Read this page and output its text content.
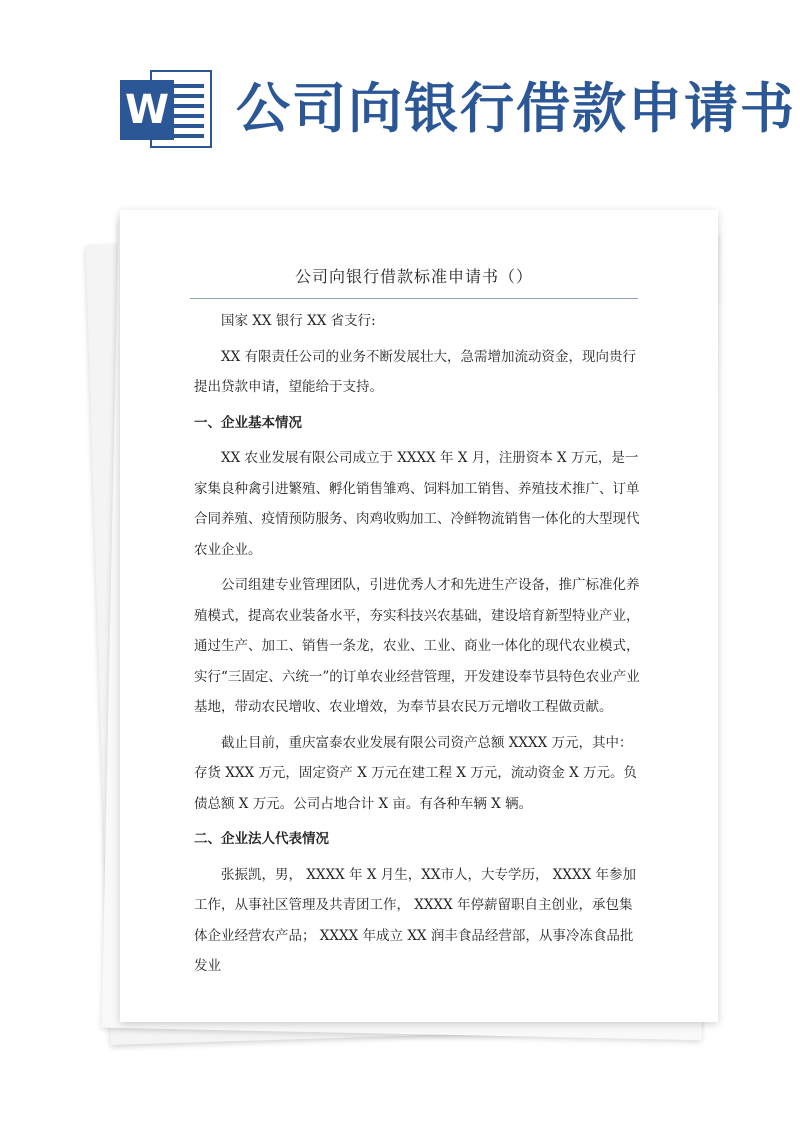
W 公司向银行借款申请书
公司向银行借款标准申请书（）

国家 XX 银行 XX 省支行:

XX 有限责任公司的业务不断发展壮大，急需增加流动资金，现向贵行提出贷款申请，望能给于支持。

一、企业基本情况

XX 农业发展有限公司成立于 XXXX 年 X 月，注册资本 X 万元，是一家集良种禽引进繁殖、孵化销售雏鸡、饲料加工销售、养殖技术推广、订单合同养殖、疫情预防服务、肉鸡收购加工、冷鲜物流销售一体化的大型现代农业企业。

公司组建专业管理团队，引进优秀人才和先进生产设备，推广标准化养殖模式，提高农业装备水平，夯实科技兴农基础，建设培育新型特业产业，通过生产、加工、销售一条龙，农业、工业、商业一体化的现代农业模式，实行“三固定、六统一”的订单农业经营管理，开发建设奉节县特色农业产业基地，带动农民增收、农业增效，为奉节县农民万元增收工程做贡献。

截止目前，重庆富泰农业发展有限公司资产总额 XXXX 万元，其中：存货 XXX 万元，固定资产 X 万元在建工程 X 万元，流动资金 X 万元。负债总额 X 万元。公司占地合计 X 亩。有各种车辆 X 辆。

二、企业法人代表情况

张振凯，男， XXXX 年 X 月生，XX市人，大专学历， XXXX 年参加工作，从事社区管理及共青团工作， XXXX 年停薪留职自主创业，承包集体企业经营农产品； XXXX 年成立 XX 润丰食品经营部，从事冷冻食品批发业
